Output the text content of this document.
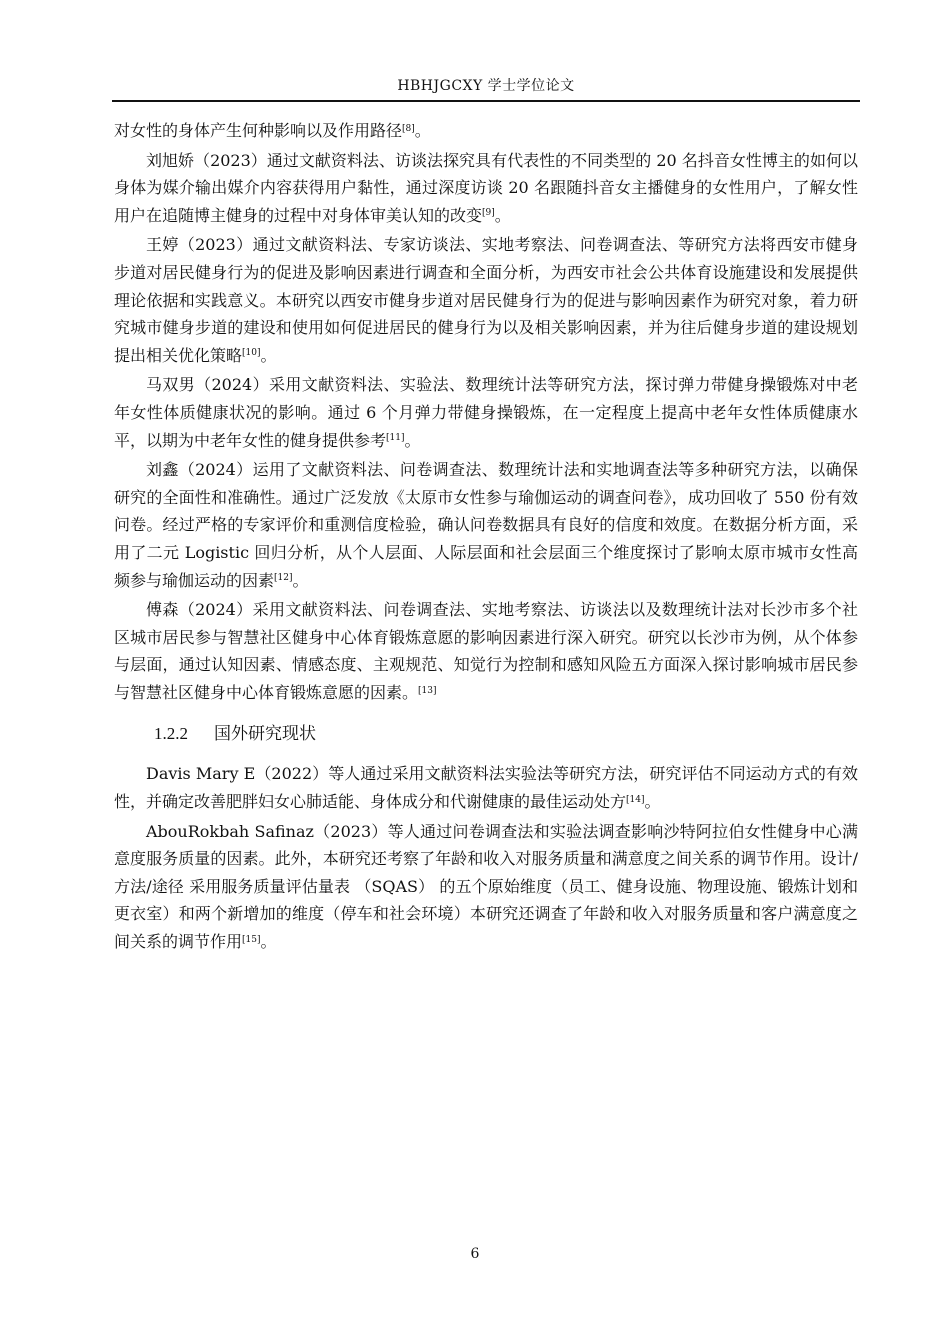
HBHJGCXY 学士学位论文

对女性的身体产生何种影响以及作用路径[8]。

刘旭娇（2023）通过文献资料法、访谈法探究具有代表性的不同类型的 20 名抖音女性博主的如何以身体为媒介输出媒介内容获得用户黏性，通过深度访谈 20 名跟随抖音女主播健身的女性用户，了解女性用户在追随博主健身的过程中对身体审美认知的改变[9]。

王婷（2023）通过文献资料法、专家访谈法、实地考察法、问卷调查法、等研究方法将西安市健身步道对居民健身行为的促进及影响因素进行调查和全面分析，为西安市社会公共体育设施建设和发展提供理论依据和实践意义。本研究以西安市健身步道对居民健身行为的促进与影响因素作为研究对象，着力研究城市健身步道的建设和使用如何促进居民的健身行为以及相关影响因素，并为往后健身步道的建设规划提出相关优化策略[10]。

马双男（2024）采用文献资料法、实验法、数理统计法等研究方法，探讨弹力带健身操锻炼对中老年女性体质健康状况的影响。通过 6 个月弹力带健身操锻炼，在一定程度上提高中老年女性体质健康水平，以期为中老年女性的健身提供参考[11]。

刘鑫（2024）运用了文献资料法、问卷调查法、数理统计法和实地调查法等多种研究方法，以确保研究的全面性和准确性。通过广泛发放《太原市女性参与瑜伽运动的调查问卷》，成功回收了 550 份有效问卷。经过严格的专家评价和重测信度检验，确认问卷数据具有良好的信度和效度。在数据分析方面，采用了二元 Logistic 回归分析，从个人层面、人际层面和社会层面三个维度探讨了影响太原市城市女性高频参与瑜伽运动的因素[12]。

傅森（2024）采用文献资料法、问卷调查法、实地考察法、访谈法以及数理统计法对长沙市多个社区城市居民参与智慧社区健身中心体育锻炼意愿的影响因素进行深入研究。研究以长沙市为例，从个体参与层面，通过认知因素、情感态度、主观规范、知觉行为控制和感知风险五方面深入探讨影响城市居民参与智慧社区健身中心体育锻炼意愿的因素。[13]

1.2.2 国外研究现状

Davis Mary E（2022）等人通过采用文献资料法实验法等研究方法，研究评估不同运动方式的有效性，并确定改善肥胖妇女心肺适能、身体成分和代谢健康的最佳运动处方[14]。

AbouRokbah Safinaz（2023）等人通过问卷调查法和实验法调查影响沙特阿拉伯女性健身中心满意度服务质量的因素。此外，本研究还考察了年龄和收入对服务质量和满意度之间关系的调节作用。设计/方法/途径 采用服务质量评估量表 （SQAS） 的五个原始维度（员工、健身设施、物理设施、锻炼计划和更衣室）和两个新增加的维度（停车和社会环境）本研究还调查了年龄和收入对服务质量和客户满意度之间关系的调节作用[15]。

6
